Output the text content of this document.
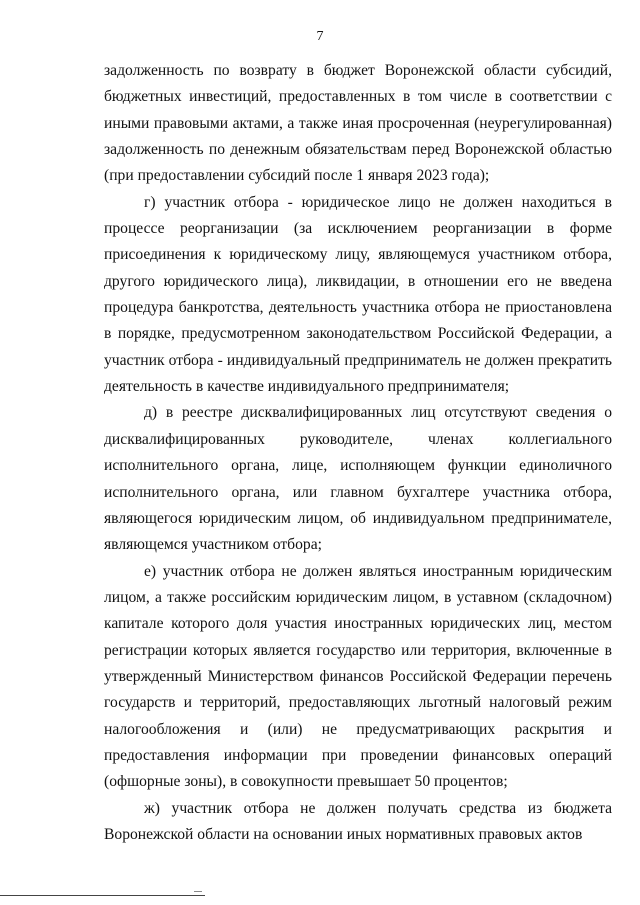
7

задолженность по возврату в бюджет Воронежской области субсидий, бюджетных инвестиций, предоставленных в том числе в соответствии с иными правовыми актами, а также иная просроченная (неурегулированная) задолженность по денежным обязательствам перед Воронежской областью (при предоставлении субсидий после 1 января 2023 года);

г) участник отбора - юридическое лицо не должен находиться в процессе реорганизации (за исключением реорганизации в форме присоединения к юридическому лицу, являющемуся участником отбора, другого юридического лица), ликвидации, в отношении его не введена процедура банкротства, деятельность участника отбора не приостановлена в порядке, предусмотренном законодательством Российской Федерации, а участник отбора - индивидуальный предприниматель не должен прекратить деятельность в качестве индивидуального предпринимателя;

д) в реестре дисквалифицированных лиц отсутствуют сведения о дисквалифицированных руководителе, членах коллегиального исполнительного органа, лице, исполняющем функции единоличного исполнительного органа, или главном бухгалтере участника отбора, являющегося юридическим лицом, об индивидуальном предпринимателе, являющемся участником отбора;

е) участник отбора не должен являться иностранным юридическим лицом, а также российским юридическим лицом, в уставном (складочном) капитале которого доля участия иностранных юридических лиц, местом регистрации которых является государство или территория, включенные в утвержденный Министерством финансов Российской Федерации перечень государств и территорий, предоставляющих льготный налоговый режим налогообложения и (или) не предусматривающих раскрытия и предоставления информации при проведении финансовых операций (офшорные зоны), в совокупности превышает 50 процентов;

ж) участник отбора не должен получать средства из бюджета Воронежской области на основании иных нормативных правовых актов
